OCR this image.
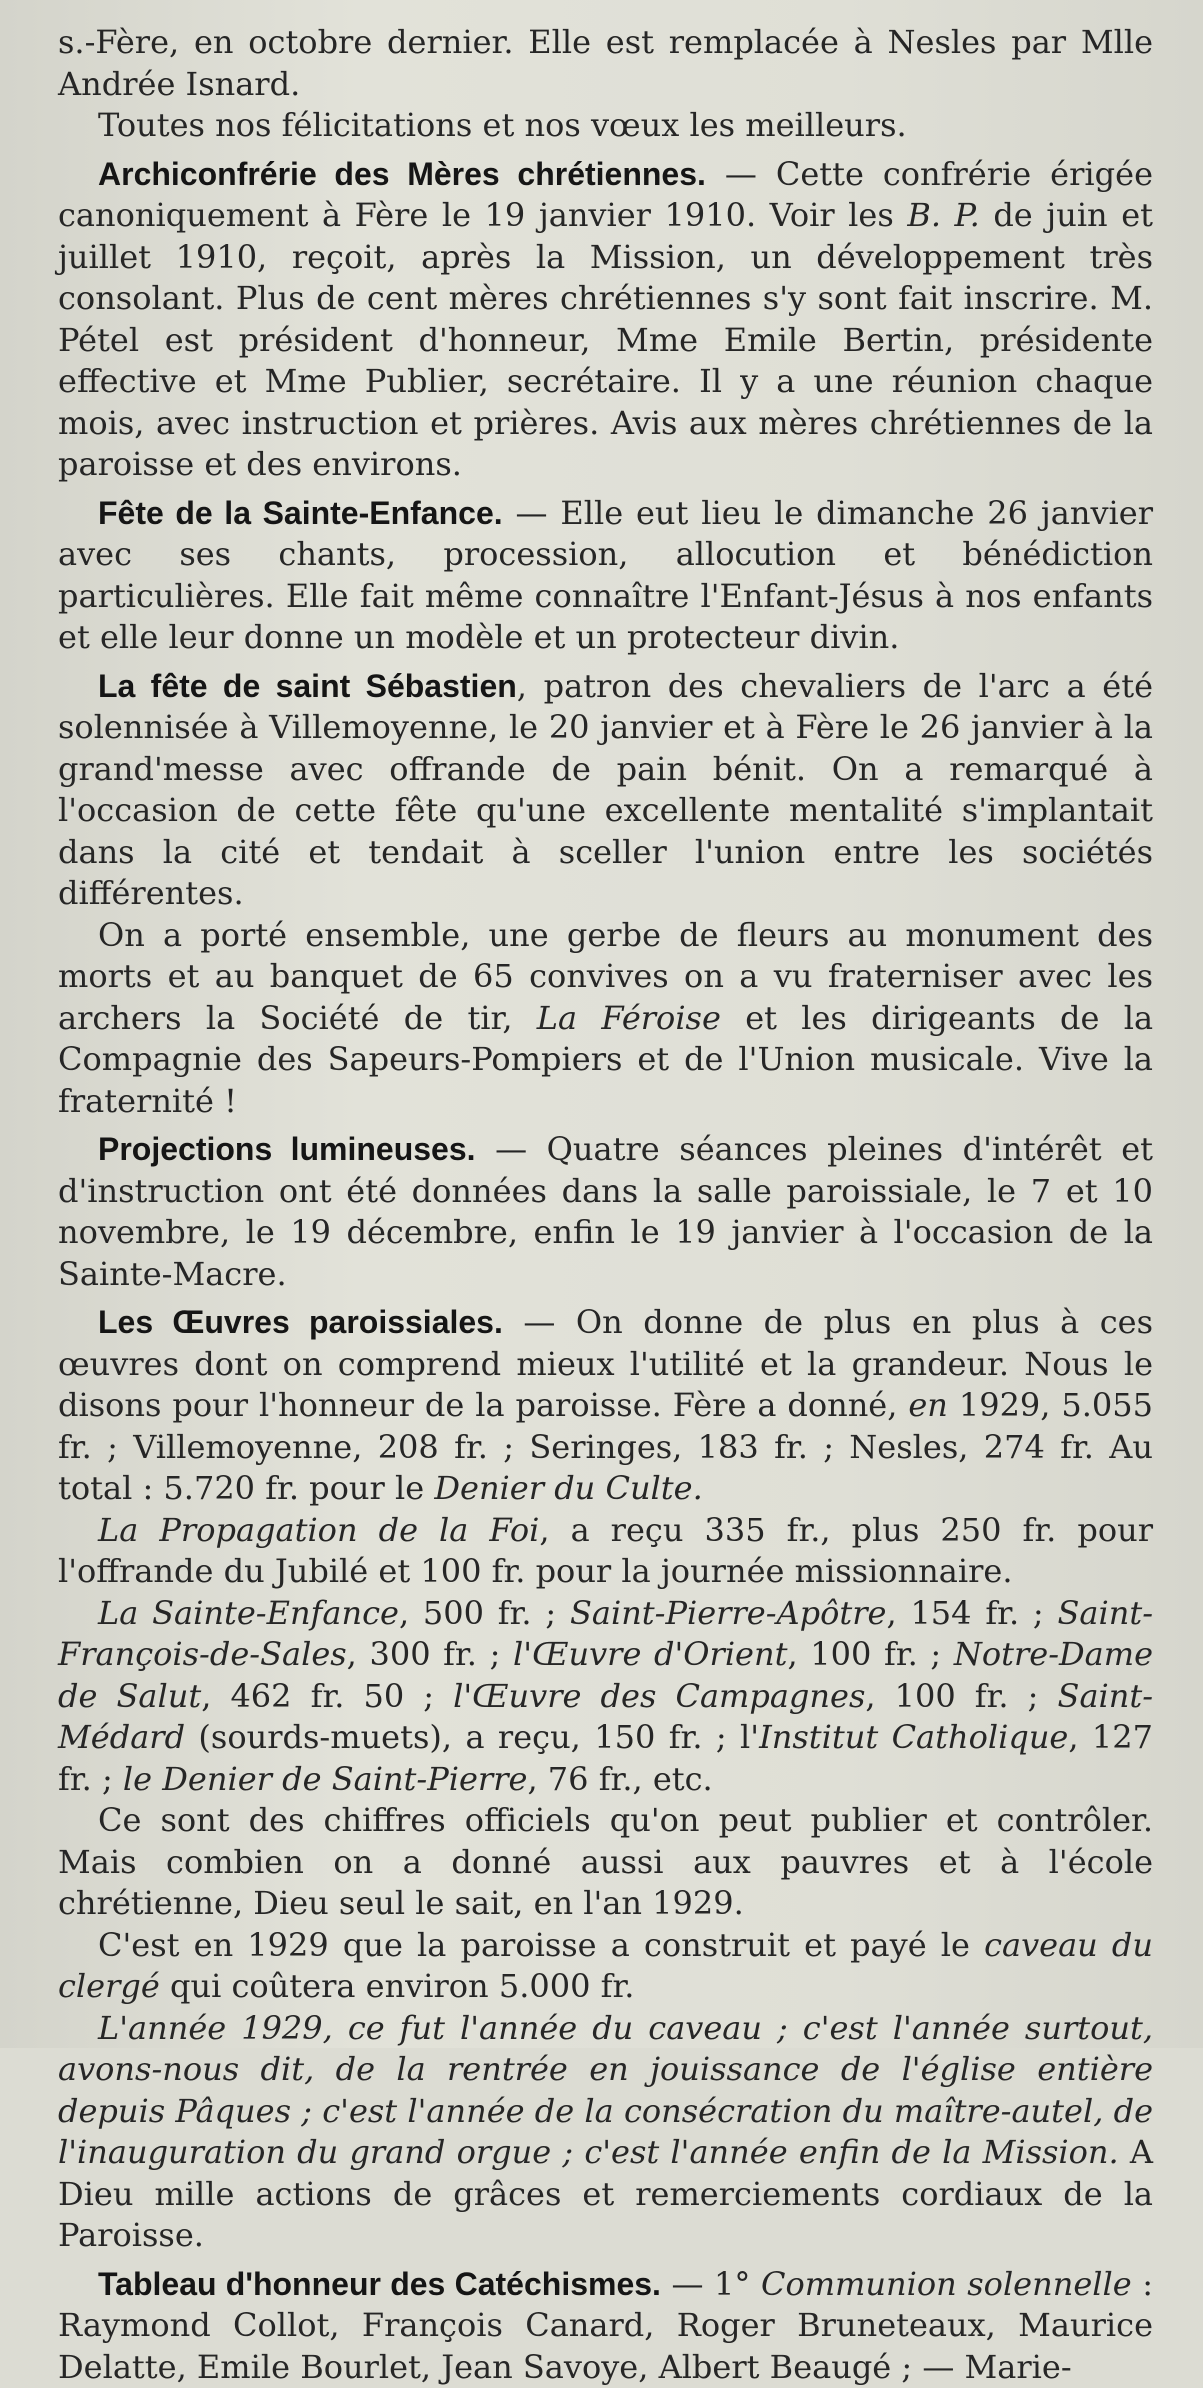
s.-Fère, en octobre dernier. Elle est remplacée à Nesles par Mlle Andrée Isnard.

Toutes nos félicitations et nos vœux les meilleurs.

Archiconfrérie des Mères chrétiennes. — Cette confrérie érigée canoniquement à Fère le 19 janvier 1910. Voir les B. P. de juin et juillet 1910, reçoit, après la Mission, un développement très consolant. Plus de cent mères chrétiennes s'y sont fait inscrire. M. Pétel est président d'honneur, Mme Emile Bertin, présidente effective et Mme Publier, secrétaire. Il y a une réunion chaque mois, avec instruction et prières. Avis aux mères chrétiennes de la paroisse et des environs.

Fête de la Sainte-Enfance. — Elle eut lieu le dimanche 26 janvier avec ses chants, procession, allocution et bénédiction particulières. Elle fait même connaître l'Enfant-Jésus à nos enfants et elle leur donne un modèle et un protecteur divin.

La fête de saint Sébastien, patron des chevaliers de l'arc a été solennisée à Villemoyenne, le 20 janvier et à Fère le 26 janvier à la grand'messe avec offrande de pain bénit. On a remarqué à l'occasion de cette fête qu'une excellente mentalité s'implantait dans la cité et tendait à sceller l'union entre les sociétés différentes.

On a porté ensemble, une gerbe de fleurs au monument des morts et au banquet de 65 convives on a vu fraterniser avec les archers la Société de tir, La Féroise et les dirigeants de la Compagnie des Sapeurs-Pompiers et de l'Union musicale. Vive la fraternité !

Projections lumineuses. — Quatre séances pleines d'intérêt et d'instruction ont été données dans la salle paroissiale, le 7 et 10 novembre, le 19 décembre, enfin le 19 janvier à l'occasion de la Sainte-Macre.

Les Œuvres paroissiales. — On donne de plus en plus à ces œuvres dont on comprend mieux l'utilité et la grandeur. Nous le disons pour l'honneur de la paroisse. Fère a donné, en 1929, 5.055 fr. ; Villemoyenne, 208 fr. ; Seringes, 183 fr. ; Nesles, 274 fr. Au total : 5.720 fr. pour le Denier du Culte.

La Propagation de la Foi, a reçu 335 fr., plus 250 fr. pour l'offrande du Jubilé et 100 fr. pour la journée missionnaire.

La Sainte-Enfance, 500 fr. ; Saint-Pierre-Apôtre, 154 fr. ; Saint-François-de-Sales, 300 fr. ; l'Œuvre d'Orient, 100 fr. ; Notre-Dame de Salut, 462 fr. 50 ; l'Œuvre des Campagnes, 100 fr. ; Saint-Médard (sourds-muets), a reçu, 150 fr. ; l'Institut Catholique, 127 fr. ; le Denier de Saint-Pierre, 76 fr., etc.

Ce sont des chiffres officiels qu'on peut publier et contrôler. Mais combien on a donné aussi aux pauvres et à l'école chrétienne, Dieu seul le sait, en l'an 1929.

C'est en 1929 que la paroisse a construit et payé le caveau du clergé qui coûtera environ 5.000 fr.

L'année 1929, ce fut l'année du caveau ; c'est l'année surtout, avons-nous dit, de la rentrée en jouissance de l'église entière depuis Pâques ; c'est l'année de la consécration du maître-autel, de l'inauguration du grand orgue ; c'est l'année enfin de la Mission. A Dieu mille actions de grâces et remerciements cordiaux de la Paroisse.

Tableau d'honneur des Catéchismes. — 1° Communion solennelle : Raymond Collot, François Canard, Roger Bruneteaux, Maurice Delatte, Emile Bourlet, Jean Savoye, Albert Beaugé ; — Marie-
